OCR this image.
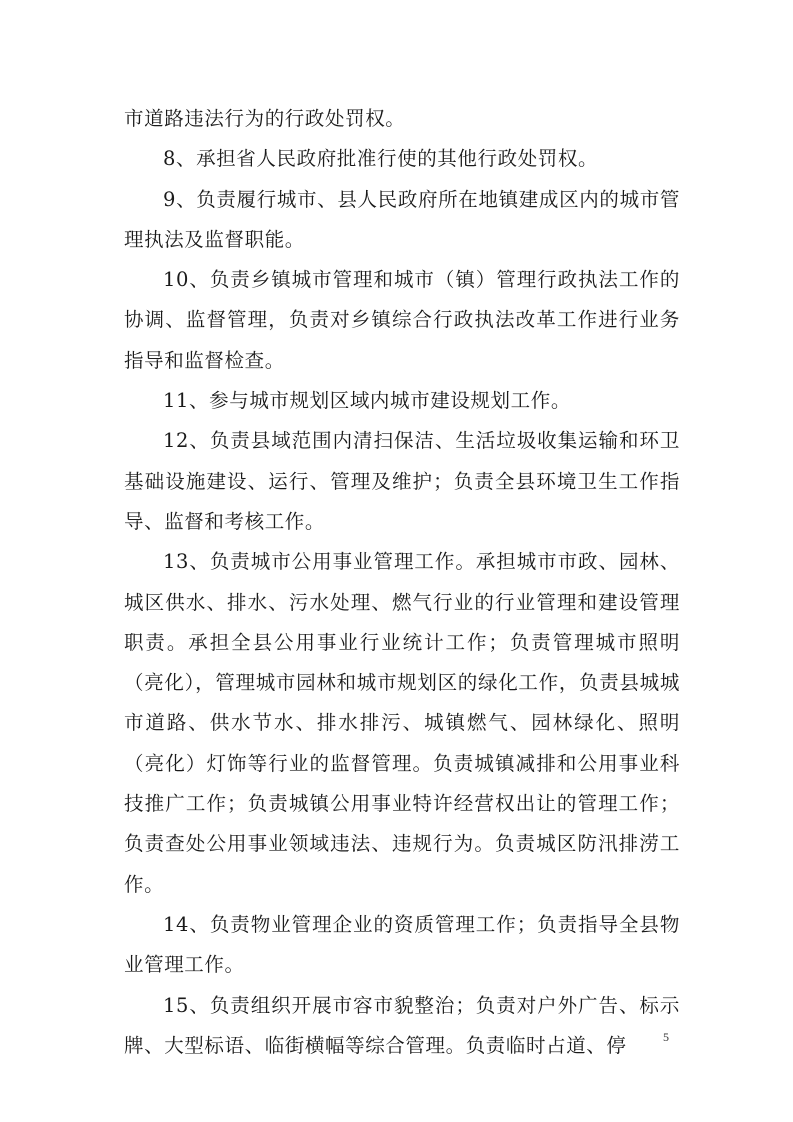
市道路违法行为的行政处罚权。

8、承担省人民政府批准行使的其他行政处罚权。

9、负责履行城市、县人民政府所在地镇建成区内的城市管理执法及监督职能。

10、负责乡镇城市管理和城市（镇）管理行政执法工作的协调、监督管理，负责对乡镇综合行政执法改革工作进行业务指导和监督检查。

11、参与城市规划区域内城市建设规划工作。

12、负责县域范围内清扫保洁、生活垃圾收集运输和环卫基础设施建设、运行、管理及维护；负责全县环境卫生工作指导、监督和考核工作。

13、负责城市公用事业管理工作。承担城市市政、园林、城区供水、排水、污水处理、燃气行业的行业管理和建设管理职责。承担全县公用事业行业统计工作；负责管理城市照明（亮化），管理城市园林和城市规划区的绿化工作，负责县城城市道路、供水节水、排水排污、城镇燃气、园林绿化、照明（亮化）灯饰等行业的监督管理。负责城镇减排和公用事业科技推广工作；负责城镇公用事业特许经营权出让的管理工作；负责查处公用事业领域违法、违规行为。负责城区防汛排涝工作。

14、负责物业管理企业的资质管理工作；负责指导全县物业管理工作。

15、负责组织开展市容市貌整治；负责对户外广告、标示牌、大型标语、临街横幅等综合管理。负责临时占道、停	5
